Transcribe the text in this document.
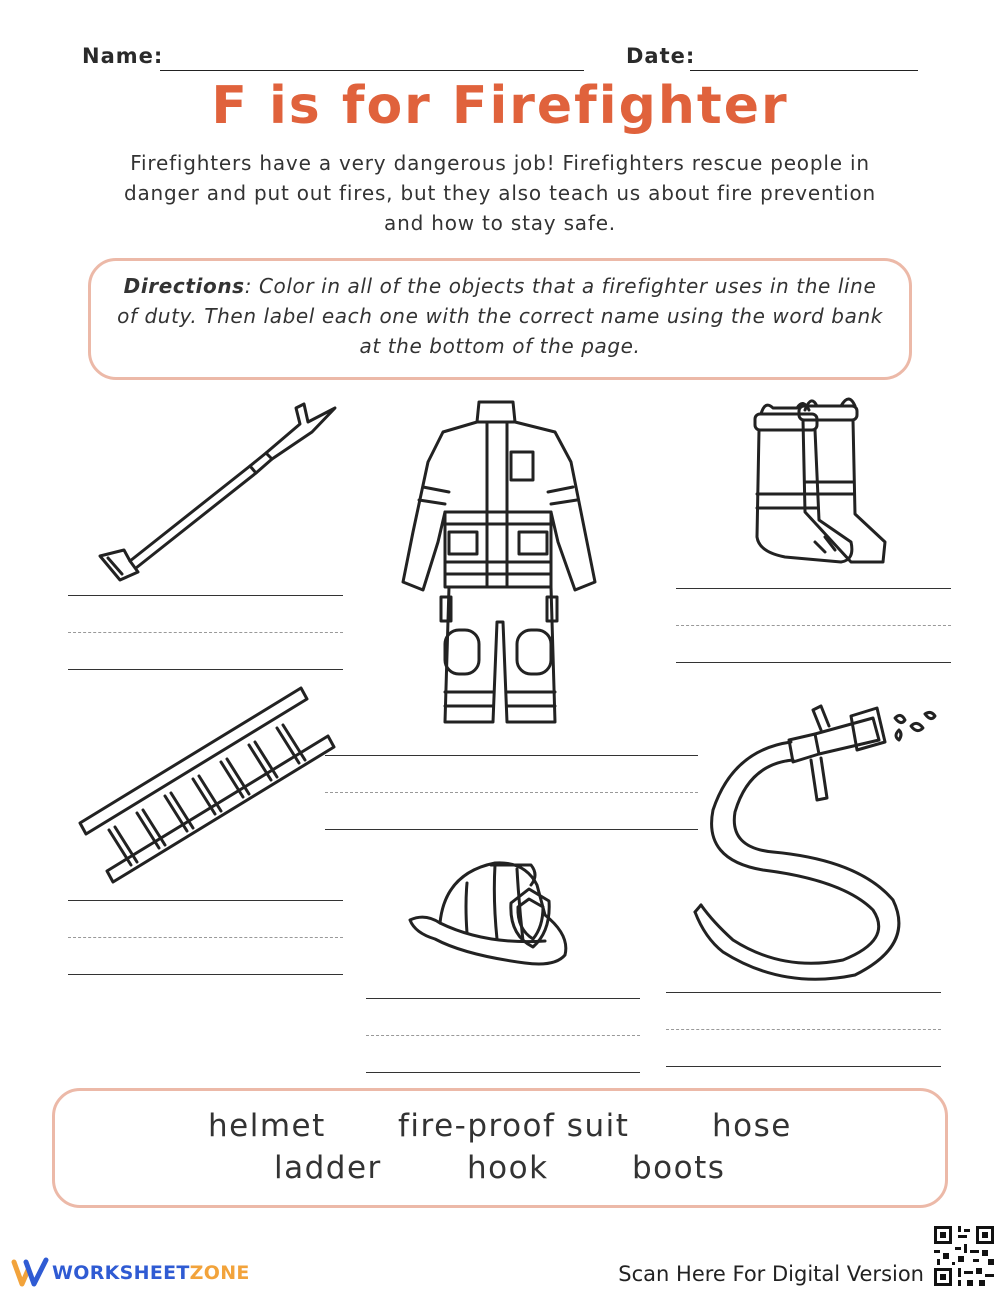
Name:	Date:
F is for Firefighter
Firefighters have a very dangerous job! Firefighters rescue people in danger and put out fires, but they also teach us about fire prevention and how to stay safe.
Directions: Color in all of the objects that a firefighter uses in the line of duty. Then label each one with the correct name using the word bank at the bottom of the page.
helmet fire-proof suit	hose
ladder	hook	boots
WORKSHEETZONE	Scan Here For Digital Version
